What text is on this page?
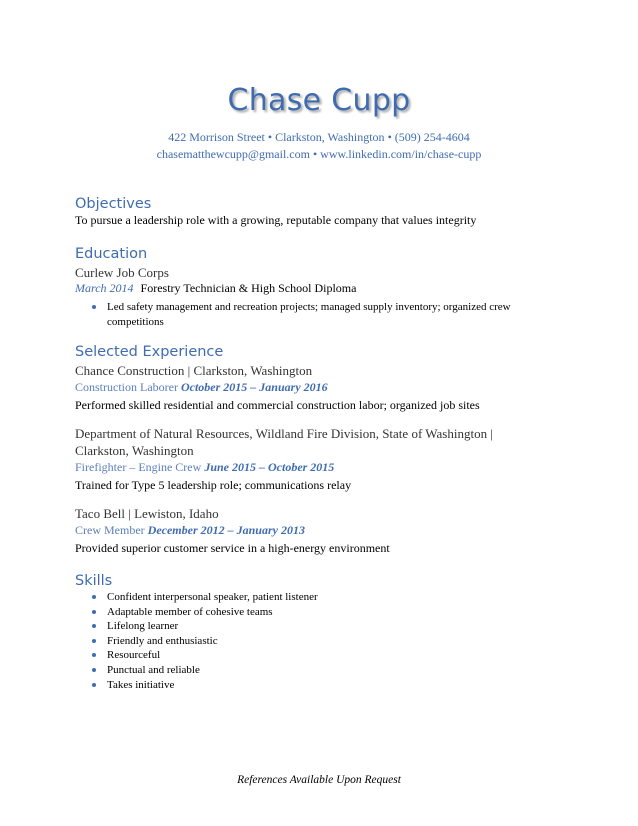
Chase Cupp
422 Morrison Street • Clarkston, Washington • (509) 254-4604
chasematthewcupp@gmail.com • www.linkedin.com/in/chase-cupp
Objectives
To pursue a leadership role with a growing, reputable company that values integrity
Education
Curlew Job Corps
March 2014 Forestry Technician & High School Diploma
Led safety management and recreation projects; managed supply inventory; organized crew competitions
Selected Experience
Chance Construction | Clarkston, Washington
Construction Laborer October 2015 – January 2016
Performed skilled residential and commercial construction labor; organized job sites
Department of Natural Resources, Wildland Fire Division, State of Washington | Clarkston, Washington
Firefighter – Engine Crew June 2015 – October 2015
Trained for Type 5 leadership role; communications relay
Taco Bell | Lewiston, Idaho
Crew Member December 2012 – January 2013
Provided superior customer service in a high-energy environment
Skills
Confident interpersonal speaker, patient listener
Adaptable member of cohesive teams
Lifelong learner
Friendly and enthusiastic
Resourceful
Punctual and reliable
Takes initiative
References Available Upon Request
